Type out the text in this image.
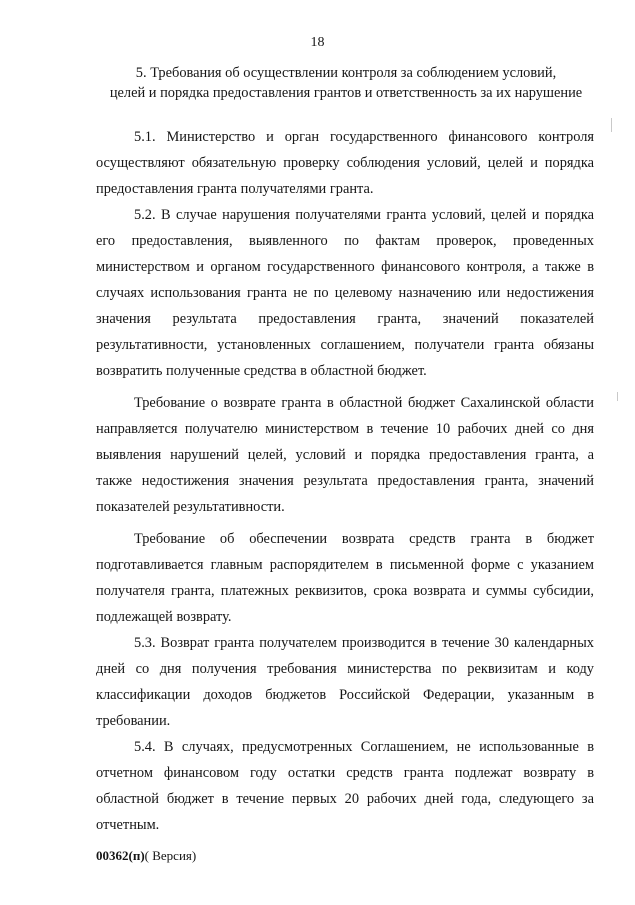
18
5. Требования об осуществлении контроля за соблюдением условий,
целей и порядка предоставления грантов и ответственность за их нарушение

5.1. Министерство и орган государственного финансового контроля
осуществляют обязательную проверку соблюдения условий, целей и порядка
предоставления гранта получателями гранта.

5.2. В случае нарушения получателями гранта условий, целей и порядка
его предоставления, выявленного по фактам проверок, проведенных
министерством и органом государственного финансового контроля, а также в
случаях использования гранта не по целевому назначению или недостижения
значения результата предоставления гранта, значений показателей
результативности, установленных соглашением, получатели гранта обязаны
возвратить полученные средства в областной бюджет.

Требование о возврате гранта в областной бюджет Сахалинской области
направляется получателю министерством в течение 10 рабочих дней со дня
выявления нарушений целей, условий и порядка предоставления гранта, а
также недостижения значения результата предоставления гранта, значений
показателей результативности.

Требование об обеспечении возврата средств гранта в бюджет
подготавливается главным распорядителем в письменной форме с указанием
получателя гранта, платежных реквизитов, срока возврата и суммы субсидии,
подлежащей возврату.

5.3. Возврат гранта получателем производится в течение 30 календарных
дней со дня получения требования министерства по реквизитам и коду
классификации доходов бюджетов Российской Федерации, указанным в
требовании.

5.4. В случаях, предусмотренных Соглашением, не использованные в
отчетном финансовом году остатки средств гранта подлежат возврату в
областной бюджет в течение первых 20 рабочих дней года, следующего за
отчетным.

00362(п)( Версия)
